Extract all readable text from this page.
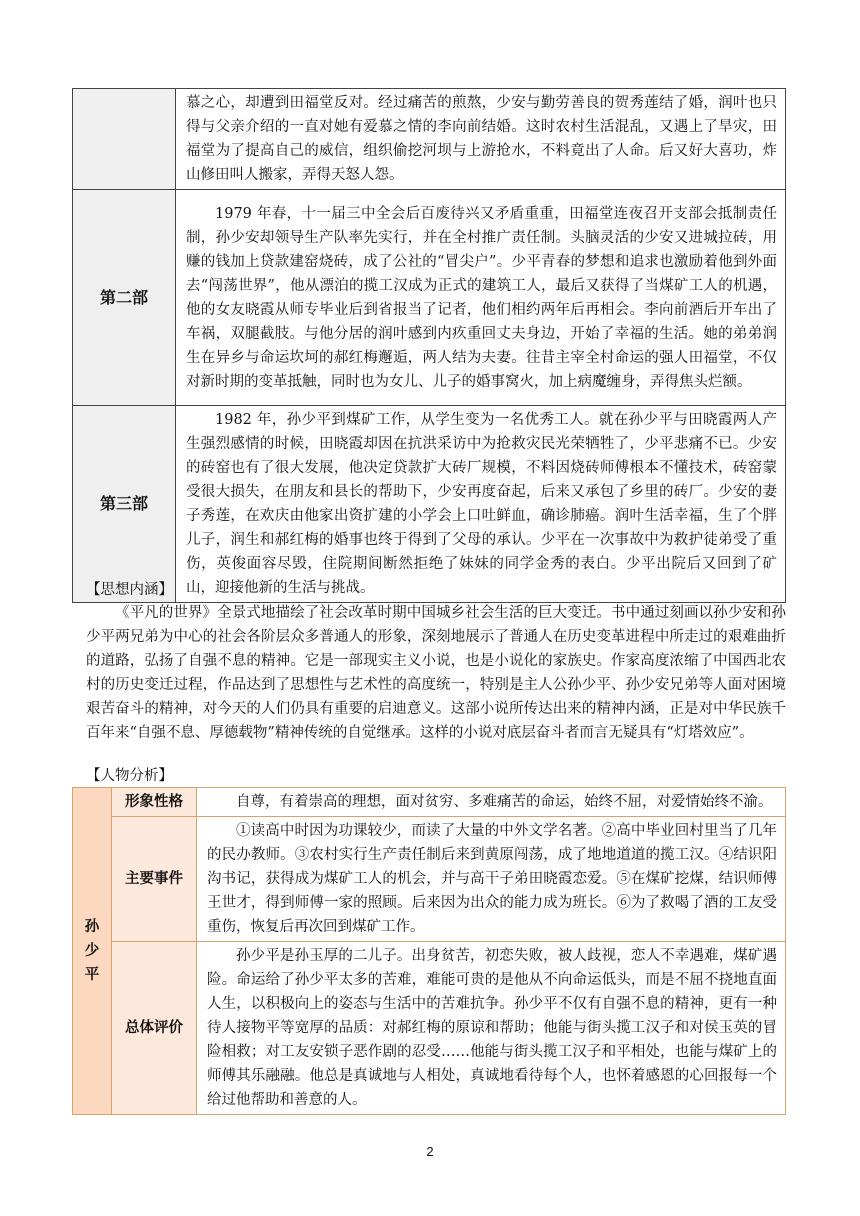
	慕之心，却遭到田福堂反对。经过痛苦的煎熬，少安与勤劳善良的贺秀莲结了婚，润叶也只得与父亲介绍的一直对她有爱慕之情的李向前结婚。这时农村生活混乱，又遇上了旱灾，田福堂为了提高自己的威信，组织偷挖河坝与上游抢水，不料竟出了人命。后又好大喜功，炸山修田叫人搬家，弄得天怒人怨。
第二部	1979 年春，十一届三中全会后百废待兴又矛盾重重，田福堂连夜召开支部会抵制责任制，孙少安却领导生产队率先实行，并在全村推广责任制。头脑灵活的少安又进城拉砖，用赚的钱加上贷款建窑烧砖，成了公社的“冒尖户”。少平青春的梦想和追求也激励着他到外面去“闯荡世界”，他从漂泊的揽工汉成为正式的建筑工人，最后又获得了当煤矿工人的机遇，他的女友晓霞从师专毕业后到省报当了记者，他们相约两年后再相会。李向前酒后开车出了车祸，双腿截肢。与他分居的润叶感到内疚重回丈夫身边，开始了幸福的生活。她的弟弟润生在异乡与命运坎坷的郝红梅邂逅，两人结为夫妻。往昔主宰全村命运的强人田福堂，不仅对新时期的变革抵触，同时也为女儿、儿子的婚事窝火，加上病魔缠身，弄得焦头烂额。
第三部	1982 年，孙少平到煤矿工作，从学生变为一名优秀工人。就在孙少平与田晓霞两人产生强烈感情的时候，田晓霞却因在抗洪采访中为抢救灾民光荣牺牲了，少平悲痛不已。少安的砖窑也有了很大发展，他决定贷款扩大砖厂规模，不料因烧砖师傅根本不懂技术，砖窑蒙受很大损失，在朋友和县长的帮助下，少安再度奋起，后来又承包了乡里的砖厂。少安的妻子秀莲，在欢庆由他家出资扩建的小学会上口吐鲜血，确诊肺癌。润叶生活幸福，生了个胖儿子，润生和郝红梅的婚事也终于得到了父母的承认。少平在一次事故中为救护徒弟受了重伤，英俊面容尽毁，住院期间断然拒绝了妹妹的同学金秀的表白。少平出院后又回到了矿山，迎接他新的生活与挑战。
【思想内涵】
《平凡的世界》全景式地描绘了社会改革时期中国城乡社会生活的巨大变迁。书中通过刻画以孙少安和孙少平两兄弟为中心的社会各阶层众多普通人的形象，深刻地展示了普通人在历史变革进程中所走过的艰难曲折的道路，弘扬了自强不息的精神。它是一部现实主义小说，也是小说化的家族史。作家高度浓缩了中国西北农村的历史变迁过程，作品达到了思想性与艺术性的高度统一，特别是主人公孙少平、孙少安兄弟等人面对困境艰苦奋斗的精神，对今天的人们仍具有重要的启迪意义。这部小说所传达出来的精神内涵，正是对中华民族千百年来“自强不息、厚德载物”精神传统的自觉继承。这样的小说对底层奋斗者而言无疑具有“灯塔效应”。
【人物分析】
孙少平	形象性格	自尊，有着崇高的理想，面对贫穷、多难痛苦的命运，始终不屈，对爱情始终不渝。
	主要事件	①读高中时因为功课较少，而读了大量的中外文学名著。②高中毕业回村里当了几年的民办教师。③农村实行生产责任制后来到黄原闯荡，成了地地道道的揽工汉。④结识阳沟书记，获得成为煤矿工人的机会，并与高干子弟田晓霞恋爱。⑤在煤矿挖煤，结识师傅王世才，得到师傅一家的照顾。后来因为出众的能力成为班长。⑥为了救喝了酒的工友受重伤，恢复后再次回到煤矿工作。
	总体评价	孙少平是孙玉厚的二儿子。出身贫苦，初恋失败，被人歧视，恋人不幸遇难，煤矿遇险。命运给了孙少平太多的苦难，难能可贵的是他从不向命运低头，而是不屈不挠地直面人生，以积极向上的姿态与生活中的苦难抗争。孙少平不仅有自强不息的精神，更有一种待人接物平等宽厚的品质：对郝红梅的原谅和帮助；他能与街头揽工汉子和对侯玉英的冒险相救；对工友安锁子恶作剧的忍受……他能与街头揽工汉子和平相处，也能与煤矿上的师傅其乐融融。他总是真诚地与人相处，真诚地看待每个人，也怀着感恩的心回报每一个给过他帮助和善意的人。
2
